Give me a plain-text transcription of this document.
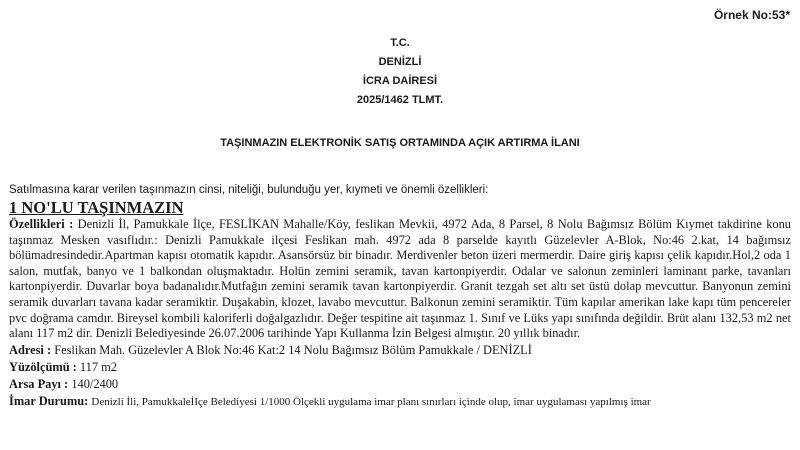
Örnek No:53*
T.C.
DENİZLİ
İCRA DAİRESİ
2025/1462 TLMT.
TAŞINMAZIN ELEKTRONİK SATIŞ ORTAMINDA AÇIK ARTIRMA İLANI
Satılmasına karar verilen taşınmazın cinsi, niteliği, bulunduğu yer, kıymeti ve önemli özellikleri:
1 NO'LU TAŞINMAZIN
Özellikleri : Denizli İl, Pamukkale İlçe, FESLİKAN Mahalle/Köy, feslikan Mevkii, 4972 Ada, 8 Parsel, 8 Nolu Bağımsız Bölüm Kıymet takdirine konu taşınmaz Mesken vasıflıdır.: Denizli Pamukkale ilçesi Feslikan mah. 4972 ada 8 parselde kayıtlı Güzelevler A-Blok, No:46 2.kat, 14 bağımsız bölümadresindedir.Apartman kapısı otomatik kapıdır. Asansörsüz bir binadır. Merdivenler beton üzeri mermerdir. Daire giriş kapısı çelik kapıdır.Hol,2 oda 1 salon, mutfak, banyo ve 1 balkondan oluşmaktadır. Holün zemini seramik, tavan kartonpiyerdir. Odalar ve salonun zeminleri laminant parke, tavanları kartonpiyerdir. Duvarlar boya badanalıdır.Mutfağın zemini seramik tavan kartonpiyerdir. Granit tezgah set altı set üstü dolap mevcuttur. Banyonun zemini seramik duvarları tavana kadar seramiktir. Duşakabin, klozet, lavabo mevcuttur. Balkonun zemini seramiktir. Tüm kapılar amerikan lake kapı tüm pencereler pvc doğrama camdır. Bireysel kombili kaloriferli doğalgazlıdır. Değer tespitine ait taşınmaz 1. Sınıf ve Lüks yapı sınıfında değildir. Brüt alanı 132,53 m2 net alanı 117 m2 dir. Denizli Belediyesinde 26.07.2006 tarihinde Yapı Kullanma İzin Belgesi almıştır. 20 yıllık binadır.
Adresi : Feslikan Mah. Güzelevler A Blok No:46 Kat:2 14 Nolu Bağımsız Bölüm Pamukkale / DENİZLİ
Yüzölçümü : 117 m2
Arsa Payı : 140/2400
İmar Durumu: Denizli İli, PamukkaleİIçe Belediyesi 1/1000 Ölçekli uygulama imar planı sınırları içinde olup, imar uygulaması yapılmış imar
